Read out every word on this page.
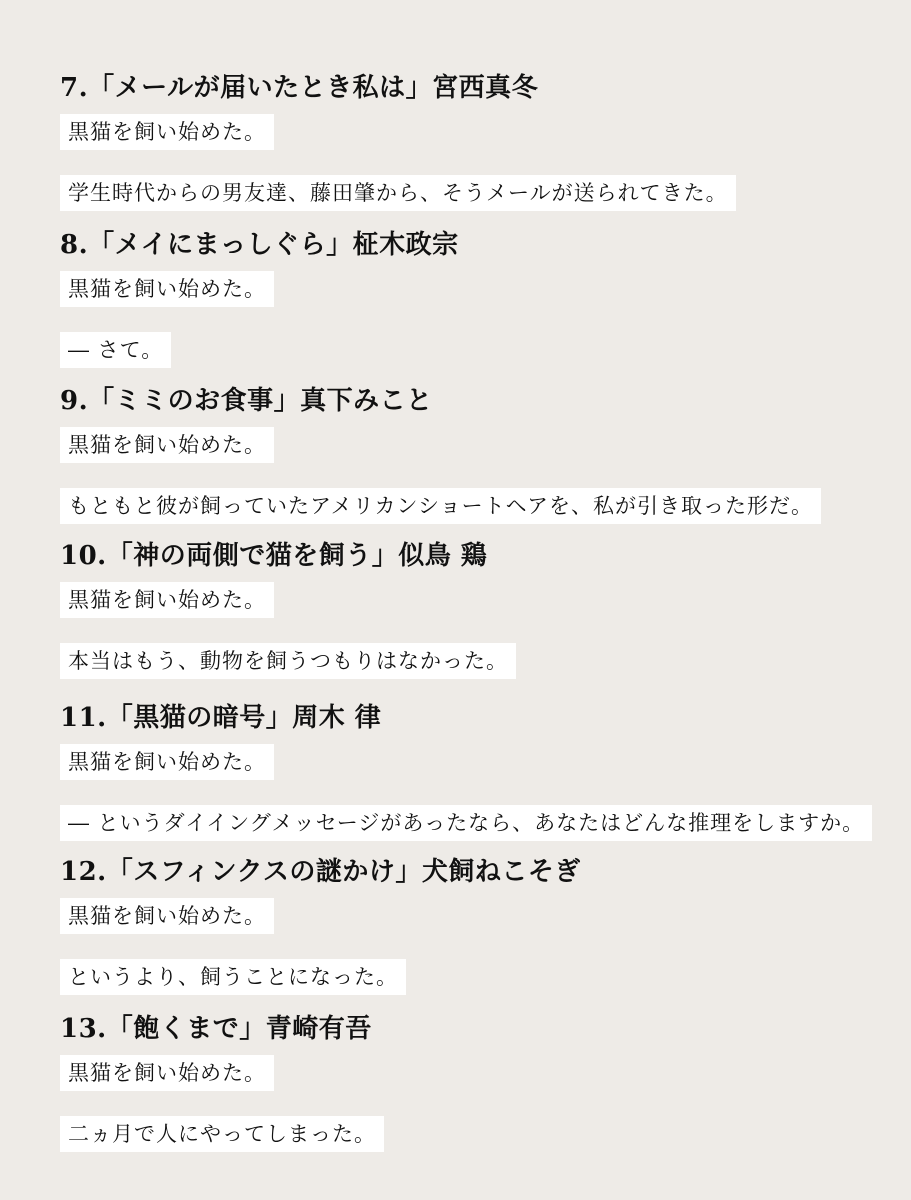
7.「メールが届いたとき私は」宮西真冬
黒猫を飼い始めた。
学生時代からの男友達、藤田肇から、そうメールが送られてきた。
8.「メイにまっしぐら」柾木政宗
黒猫を飼い始めた。
― さて。
9.「ミミのお食事」真下みこと
黒猫を飼い始めた。
もともと彼が飼っていたアメリカンショートヘアを、私が引き取った形だ。
10.「神の両側で猫を飼う」似鳥 鶏
黒猫を飼い始めた。
本当はもう、動物を飼うつもりはなかった。
11.「黒猫の暗号」周木 律
黒猫を飼い始めた。
― というダイイングメッセージがあったなら、あなたはどんな推理をしますか。
12.「スフィンクスの謎かけ」犬飼ねこそぎ
黒猫を飼い始めた。
というより、飼うことになった。
13.「飽くまで」青崎有吾
黒猫を飼い始めた。
二ヵ月で人にやってしまった。
